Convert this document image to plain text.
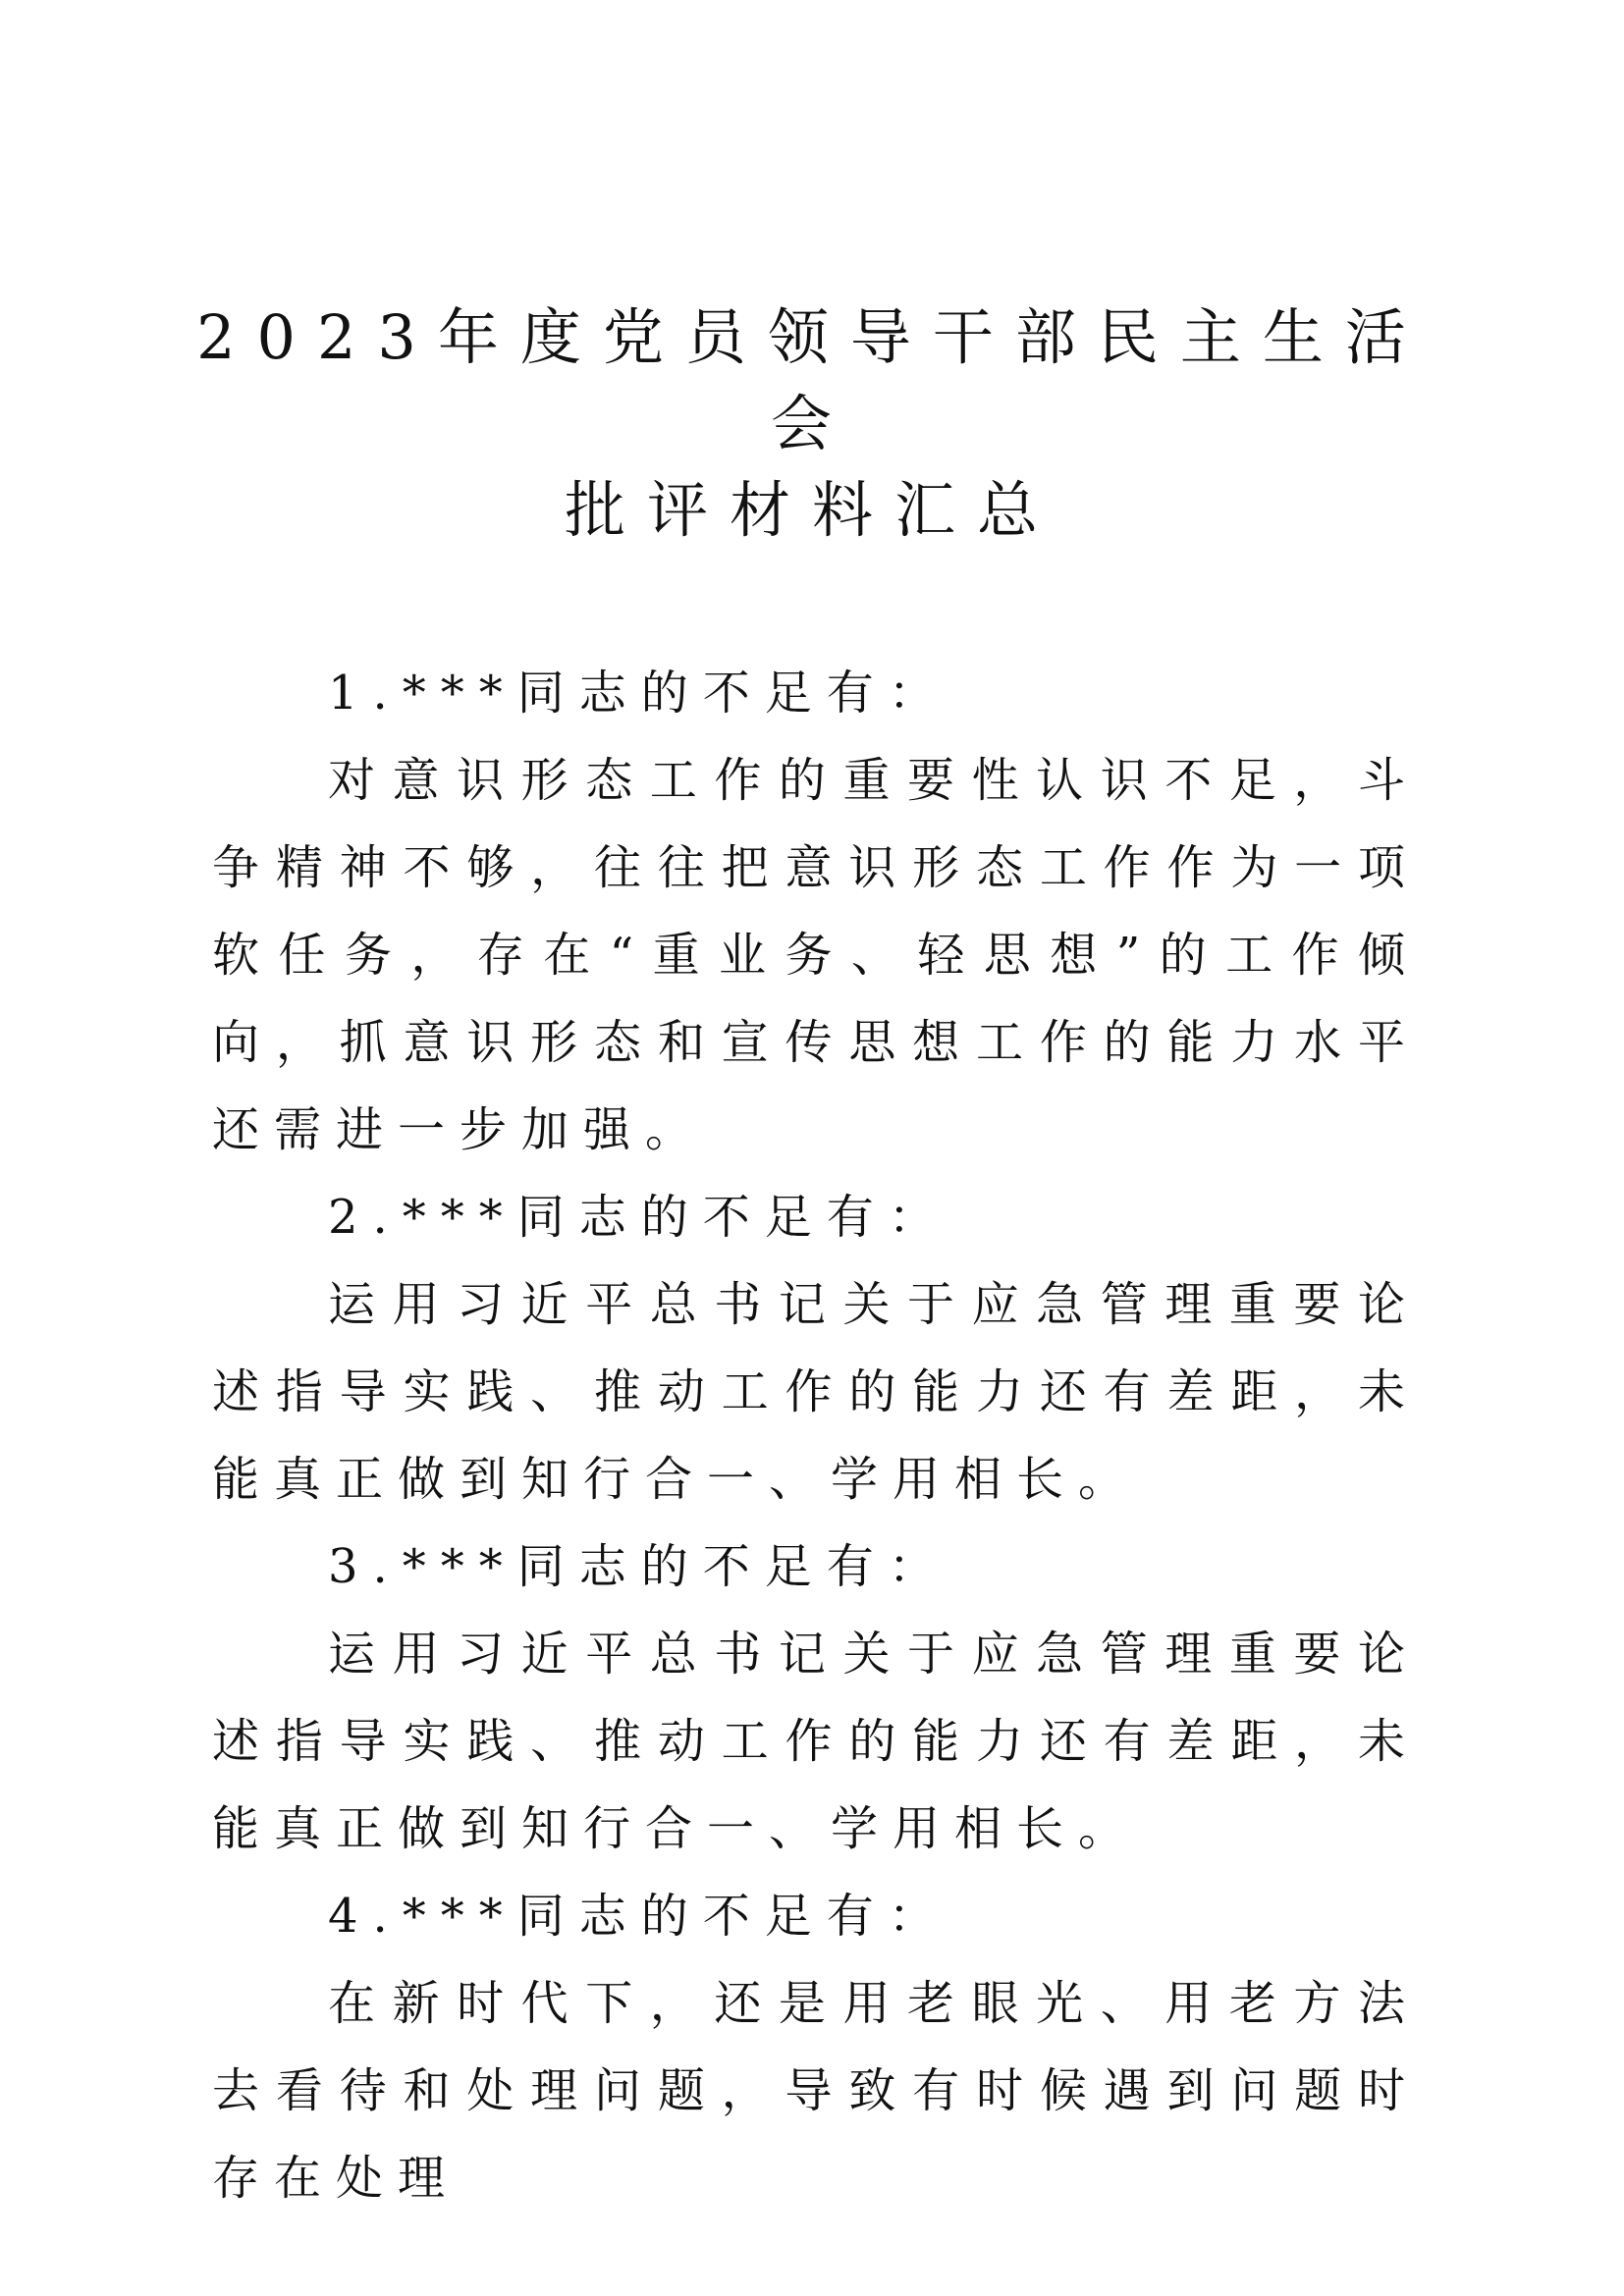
2023年度党员领导干部民主生活
会
批评材料汇总

1.***同志的不足有：

对意识形态工作的重要性认识不足，斗争精神不够，往往把意识形态工作作为一项软任务，存在“重业务、轻思想”的工作倾向，抓意识形态和宣传思想工作的能力水平还需进一步加强。

2.***同志的不足有：

运用习近平总书记关于应急管理重要论述指导实践、推动工作的能力还有差距，未能真正做到知行合一、学用相长。

3.***同志的不足有：

运用习近平总书记关于应急管理重要论述指导实践、推动工作的能力还有差距，未能真正做到知行合一、学用相长。

4.***同志的不足有：

在新时代下，还是用老眼光、用老方法去看待和处理问题，导致有时候遇到问题时存在处理
